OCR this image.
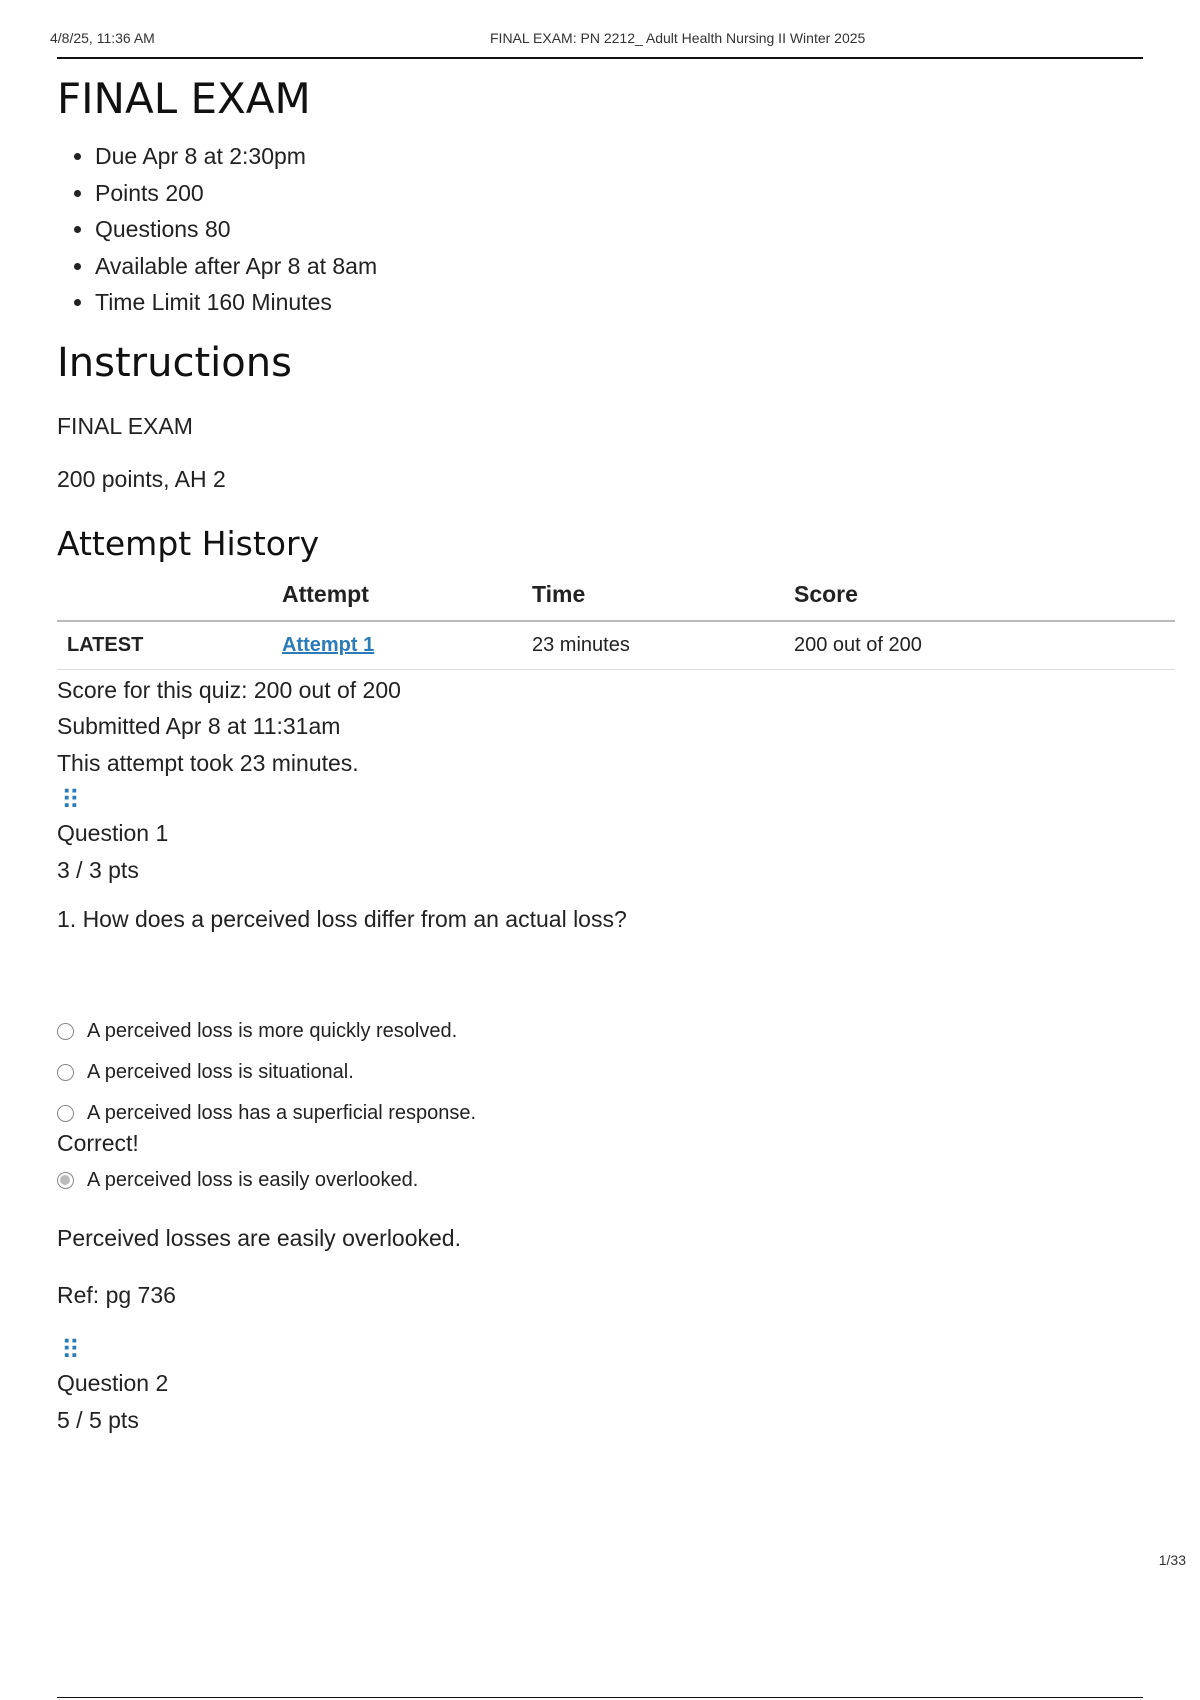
4/8/25, 11:36 AM	FINAL EXAM: PN 2212_ Adult Health Nursing II Winter 2025
FINAL EXAM
• Due Apr 8 at 2:30pm
• Points 200
• Questions 80
• Available after Apr 8 at 8am
• Time Limit 160 Minutes
Instructions

FINAL EXAM

200 points, AH 2

Attempt History
	Attempt	Time	Score
LATEST	Attempt 1	23 minutes	200 out of 200
Score for this quiz: 200 out of 200
Submitted Apr 8 at 11:31am
This attempt took 23 minutes.
⠿
Question 1
3 / 3 pts

1. How does a perceived loss differ from an actual loss?

A perceived loss is more quickly resolved.
A perceived loss is situational.
A perceived loss has a superficial response.
Correct!
A perceived loss is easily overlooked.

Perceived losses are easily overlooked.

Ref: pg 736

⠿
Question 2
5 / 5 pts
1/33
